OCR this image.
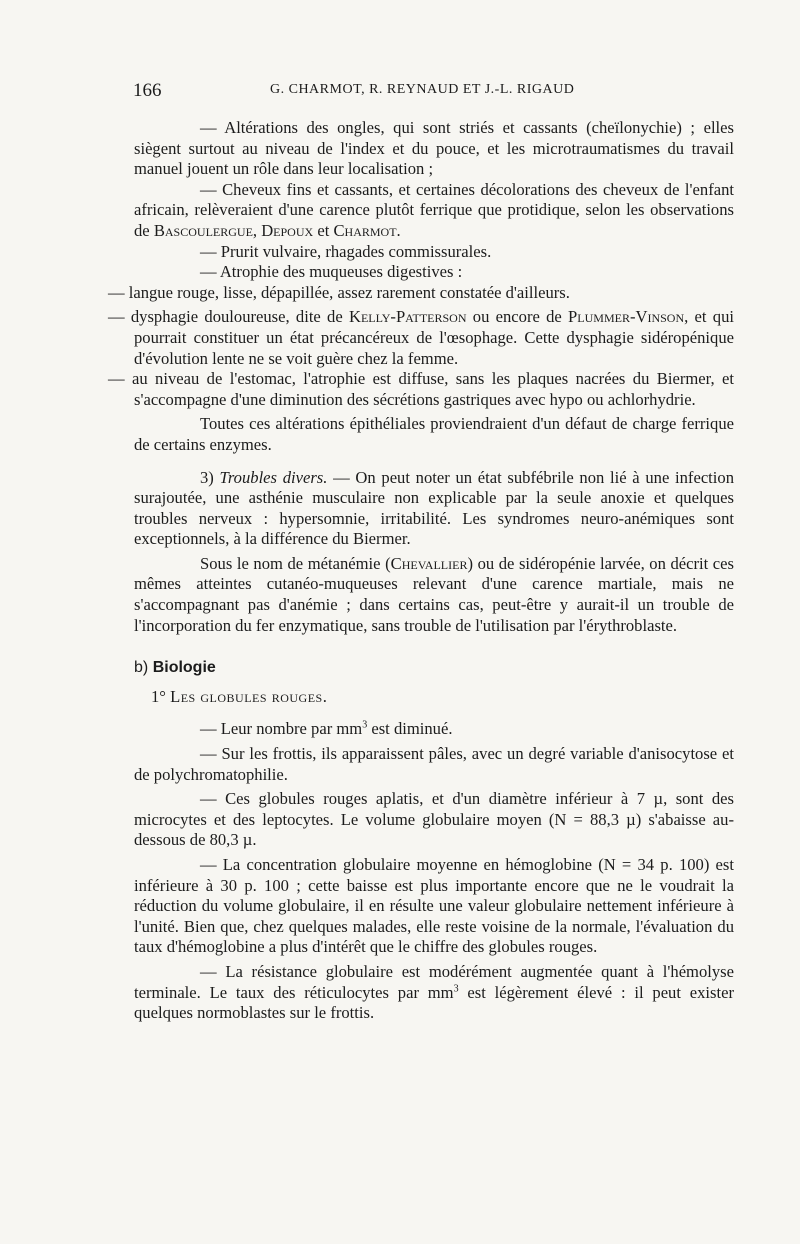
166	G. CHARMOT, R. REYNAUD ET J.-L. RIGAUD

— Altérations des ongles, qui sont striés et cassants (cheïlonychie) ; elles siègent surtout au niveau de l'index et du pouce, et les microtraumatismes du travail manuel jouent un rôle dans leur localisation ;

— Cheveux fins et cassants, et certaines décolorations des cheveux de l'enfant africain, relèveraient d'une carence plutôt ferrique que protidique, selon les observations de Bascoulergue, Depoux et Charmot.

— Prurit vulvaire, rhagades commissurales.

— Atrophie des muqueuses digestives :

— langue rouge, lisse, dépapillée, assez rarement constatée d'ailleurs.

— dysphagie douloureuse, dite de Kelly-Patterson ou encore de Plummer-Vinson, et qui pourrait constituer un état précancéreux de l'œsophage. Cette dysphagie sidéropénique d'évolution lente ne se voit guère chez la femme.

— au niveau de l'estomac, l'atrophie est diffuse, sans les plaques nacrées du Biermer, et s'accompagne d'une diminution des sécrétions gastriques avec hypo ou achlorhydrie.

Toutes ces altérations épithéliales proviendraient d'un défaut de charge ferrique de certains enzymes.

3) Troubles divers. — On peut noter un état subfébrile non lié à une infection surajoutée, une asthénie musculaire non explicable par la seule anoxie et quelques troubles nerveux : hypersomnie, irritabilité. Les syndromes neuro-anémiques sont exceptionnels, à la différence du Biermer.

Sous le nom de métanémie (Chevallier) ou de sidéropénie larvée, on décrit ces mêmes atteintes cutanéo-muqueuses relevant d'une carence martiale, mais ne s'accompagnant pas d'anémie ; dans certains cas, peut-être y aurait-il un trouble de l'incorporation du fer enzymatique, sans trouble de l'utilisation par l'érythroblaste.

b) Biologie

1° Les globules rouges.

— Leur nombre par $mm^3$ est diminué.

— Sur les frottis, ils apparaissent pâles, avec un degré variable d'anisocytose et de polychromatophilie.

— Ces globules rouges aplatis, et d'un diamètre inférieur à 7 µ, sont des microcytes et des leptocytes. Le volume globulaire moyen (N = 88,3 µ) s'abaisse au-dessous de 80,3 µ.

— La concentration globulaire moyenne en hémoglobine (N = 34 p. 100) est inférieure à 30 p. 100 ; cette baisse est plus importante encore que ne le voudrait la réduction du volume globulaire, il en résulte une valeur globulaire nettement inférieure à l'unité. Bien que, chez quelques malades, elle reste voisine de la normale, l'évaluation du taux d'hémoglobine a plus d'intérêt que le chiffre des globules rouges.

— La résistance globulaire est modérément augmentée quant à l'hémolyse terminale. Le taux des réticulocytes par $mm^3$ est légèrement élevé : il peut exister quelques normoblastes sur le frottis.
